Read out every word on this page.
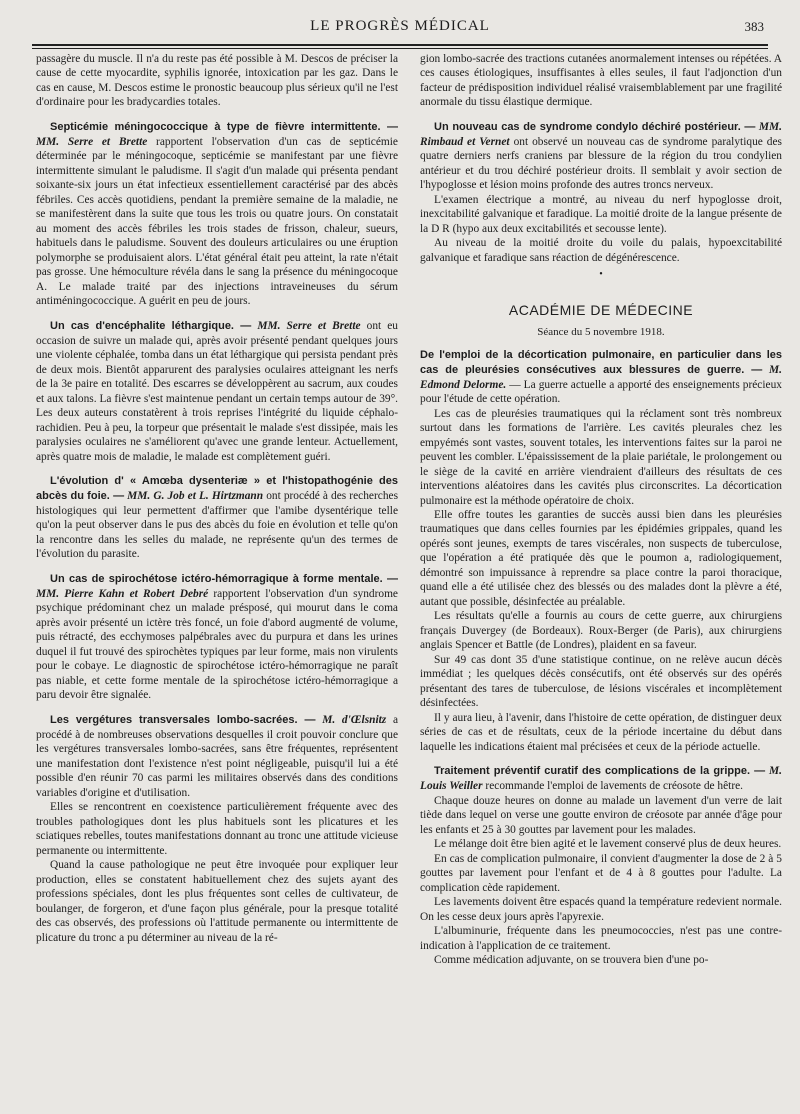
LE PROGRÈS MÉDICAL	383

passagère du muscle. Il n'a du reste pas été possible à M. Descos de préciser la cause de cette myocardite, syphilis ignorée, intoxication par les gaz. Dans le cas en cause, M. Descos estime le pronostic beaucoup plus sérieux qu'il ne l'est d'ordinaire pour les bradycardies totales.

Septicémie méningococcique à type de fièvre intermittente. — MM. Serre et Brette rapportent l'observation d'un cas de septicémie déterminée par le méningocoque, septicémie se manifestant par une fièvre intermittente simulant le paludisme. Il s'agit d'un malade qui présenta pendant soixante-six jours un état infectieux essentiellement caractérisé par des abcès fébriles. Ces accès quotidiens, pendant la première semaine de la maladie, ne se manifestèrent dans la suite que tous les trois ou quatre jours. On constatait au moment des accès fébriles les trois stades de frisson, chaleur, sueurs, habituels dans le paludisme. Souvent des douleurs articulaires ou une éruption polymorphe se produisaient alors. L'état général était peu atteint, la rate n'était pas grosse. Une hémoculture révéla dans le sang la présence du méningocoque A. Le malade traité par des injections intraveineuses du sérum antiméningococcique. A guérit en peu de jours.

Un cas d'encéphalite léthargique. — MM. Serre et Brette ont eu occasion de suivre un malade qui, après avoir présenté pendant quelques jours une violente céphalée, tomba dans un état léthargique qui persista pendant près de deux mois. Bientôt apparurent des paralysies oculaires atteignant les nerfs de la 3e paire en totalité. Des escarres se développèrent au sacrum, aux coudes et aux talons. La fièvre s'est maintenue pendant un certain temps autour de 39°. Les deux auteurs constatèrent à trois reprises l'intégrité du liquide céphalo-rachidien. Peu à peu, la torpeur que présentait le malade s'est dissipée, mais les paralysies oculaires ne s'améliorent qu'avec une grande lenteur. Actuellement, après quatre mois de maladie, le malade est complètement guéri.

L'évolution d' « Amœba dysenteriæ » et l'histopathogénie des abcès du foie. — MM. G. Job et L. Hirtzmann ont procédé à des recherches histologiques qui leur permettent d'affirmer que l'amibe dysentérique telle qu'on la peut observer dans le pus des abcès du foie en évolution et telle qu'on la rencontre dans les selles du malade, ne représente qu'un des termes de l'évolution du parasite.

Un cas de spirochétose ictéro-hémorragique à forme mentale. — MM. Pierre Kahn et Robert Debré rapportent l'observation d'un syndrome psychique prédominant chez un malade présposé, qui mourut dans le coma après avoir présenté un ictère très foncé, un foie d'abord augmenté de volume, puis rétracté, des ecchymoses palpébrales avec du purpura et dans les urines duquel il fut trouvé des spirochètes typiques par leur forme, mais non virulents pour le cobaye. Le diagnostic de spirochétose ictéro-hémorragique ne paraît pas niable, et cette forme mentale de la spirochétose ictéro-hémorragique a paru devoir être signalée.

Les vergétures transversales lombo-sacrées. — M. d'Œlsnitz a procédé à de nombreuses observations desquelles il croit pouvoir conclure que les vergétures transversales lombo-sacrées, sans être fréquentes, représentent une manifestation dont l'existence n'est point négligeable, puisqu'il lui a été possible d'en réunir 70 cas parmi les militaires observés dans des conditions variables d'origine et d'utilisation.

Elles se rencontrent en coexistence particulièrement fréquente avec des troubles pathologiques dont les plus habituels sont les plicatures et les sciatiques rebelles, toutes manifestations donnant au tronc une attitude vicieuse permanente ou intermittente.

Quand la cause pathologique ne peut être invoquée pour expliquer leur production, elles se constatent habituellement chez des sujets ayant des professions spéciales, dont les plus fréquentes sont celles de cultivateur, de boulanger, de forgeron, et d'une façon plus générale, pour la presque totalité des cas observés, des professions où l'attitude permanente ou intermittente de plicature du tronc a pu déterminer au niveau de la ré-

gion lombo-sacrée des tractions cutanées anormalement intenses ou répétées. A ces causes étiologiques, insuffisantes à elles seules, il faut l'adjonction d'un facteur de prédisposition individuel réalisé vraisemblablement par une fragilité anormale du tissu élastique dermique.

Un nouveau cas de syndrome condylo déchiré postérieur. — MM. Rimbaud et Vernet ont observé un nouveau cas de syndrome paralytique des quatre derniers nerfs craniens par blessure de la région du trou condylien antérieur et du trou déchiré postérieur droits. Il semblait y avoir section de l'hypoglosse et lésion moins profonde des autres troncs nerveux.

L'examen électrique a montré, au niveau du nerf hypoglosse droit, inexcitabilité galvanique et faradique. La moitié droite de la langue présente de la D R (hypo aux deux excitabilités et secousse lente).

Au niveau de la moitié droite du voile du palais, hypoexcitabilité galvanique et faradique sans réaction de dégénérescence.

•

ACADÉMIE DE MÉDECINE

Séance du 5 novembre 1918.

De l'emploi de la décortication pulmonaire, en particulier dans les cas de pleurésies consécutives aux blessures de guerre. — M. Edmond Delorme. — La guerre actuelle a apporté des enseignements précieux pour l'étude de cette opération.

Les cas de pleurésies traumatiques qui la réclament sont très nombreux surtout dans les formations de l'arrière. Les cavités pleurales chez les empyémés sont vastes, souvent totales, les interventions faites sur la paroi ne peuvent les combler. L'épaississement de la plaie pariétale, le prolongement ou le siège de la cavité en arrière viendraient d'ailleurs des résultats de ces interventions aléatoires dans les cavités plus circonscrites. La décortication pulmonaire est la méthode opératoire de choix.

Elle offre toutes les garanties de succès aussi bien dans les pleurésies traumatiques que dans celles fournies par les épidémies grippales, quand les opérés sont jeunes, exempts de tares viscérales, non suspects de tuberculose, que l'opération a été pratiquée dès que le poumon a, radiologiquement, démontré son impuissance à reprendre sa place contre la paroi thoracique, quand elle a été utilisée chez des blessés ou des malades dont la plèvre a été, autant que possible, désinfectée au préalable.

Les résultats qu'elle a fournis au cours de cette guerre, aux chirurgiens français Duvergey (de Bordeaux). Roux-Berger (de Paris), aux chirurgiens anglais Spencer et Battle (de Londres), plaident en sa faveur.

Sur 49 cas dont 35 d'une statistique continue, on ne relève aucun décès immédiat ; les quelques décès consécutifs, ont été observés sur des opérés présentant des tares de tuberculose, de lésions viscérales et incomplètement désinfectées.

Il y aura lieu, à l'avenir, dans l'histoire de cette opération, de distinguer deux séries de cas et de résultats, ceux de la période incertaine du début dans laquelle les indications étaient mal précisées et ceux de la période actuelle.

Traitement préventif curatif des complications de la grippe. — M. Louis Weiller recommande l'emploi de lavements de créosote de hêtre.

Chaque douze heures on donne au malade un lavement d'un verre de lait tiède dans lequel on verse une goutte environ de créosote par année d'âge pour les enfants et 25 à 30 gouttes par lavement pour les malades.

Le mélange doit être bien agité et le lavement conservé plus de deux heures.

En cas de complication pulmonaire, il convient d'augmenter la dose de 2 à 5 gouttes par lavement pour l'enfant et de 4 à 8 gouttes pour l'adulte. La complication cède rapidement.

Les lavements doivent être espacés quand la température redevient normale. On les cesse deux jours après l'apyrexie.

L'albuminurie, fréquente dans les pneumococcies, n'est pas une contre-indication à l'application de ce traitement.

Comme médication adjuvante, on se trouvera bien d'une po-
